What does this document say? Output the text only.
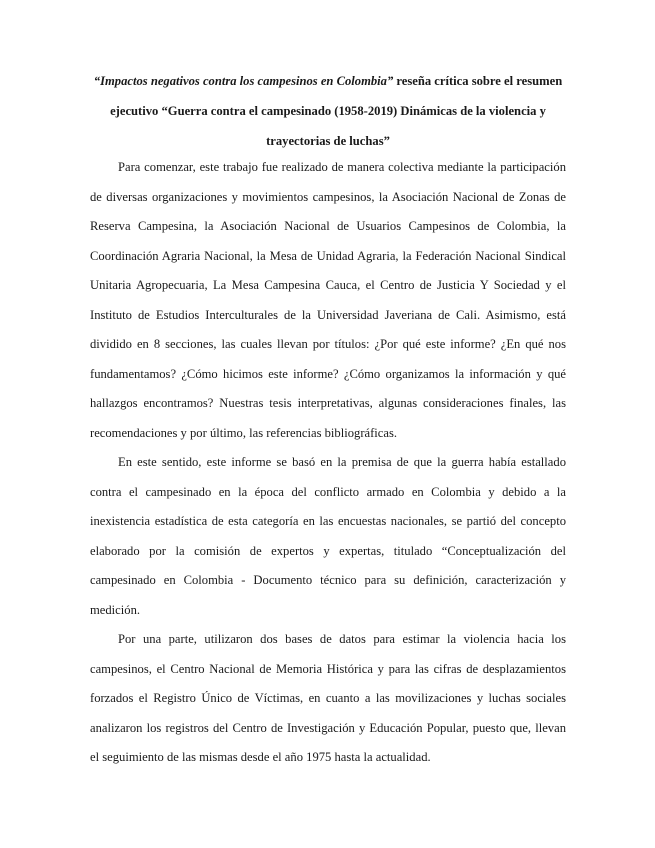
“Impactos negativos contra los campesinos en Colombia” reseña crítica sobre el resumen ejecutivo “Guerra contra el campesinado (1958-2019) Dinámicas de la violencia y trayectorias de luchas”

Para comenzar, este trabajo fue realizado de manera colectiva mediante la participación de diversas organizaciones y movimientos campesinos, la Asociación Nacional de Zonas de Reserva Campesina, la Asociación Nacional de Usuarios Campesinos de Colombia, la Coordinación Agraria Nacional, la Mesa de Unidad Agraria, la Federación Nacional Sindical Unitaria Agropecuaria, La Mesa Campesina Cauca, el Centro de Justicia Y Sociedad y el Instituto de Estudios Interculturales de la Universidad Javeriana de Cali. Asimismo, está dividido en 8 secciones, las cuales llevan por títulos: ¿Por qué este informe? ¿En qué nos fundamentamos? ¿Cómo hicimos este informe? ¿Cómo organizamos la información y qué hallazgos encontramos? Nuestras tesis interpretativas, algunas consideraciones finales, las recomendaciones y por último, las referencias bibliográficas.

En este sentido, este informe se basó en la premisa de que la guerra había estallado contra el campesinado en la época del conflicto armado en Colombia y debido a la inexistencia estadística de esta categoría en las encuestas nacionales, se partió del concepto elaborado por la comisión de expertos y expertas, titulado “Conceptualización del campesinado en Colombia - Documento técnico para su definición, caracterización y medición.

Por una parte, utilizaron dos bases de datos para estimar la violencia hacia los campesinos, el Centro Nacional de Memoria Histórica y para las cifras de desplazamientos forzados el Registro Único de Víctimas, en cuanto a las movilizaciones y luchas sociales analizaron los registros del Centro de Investigación y Educación Popular, puesto que, llevan el seguimiento de las mismas desde el año 1975 hasta la actualidad.
